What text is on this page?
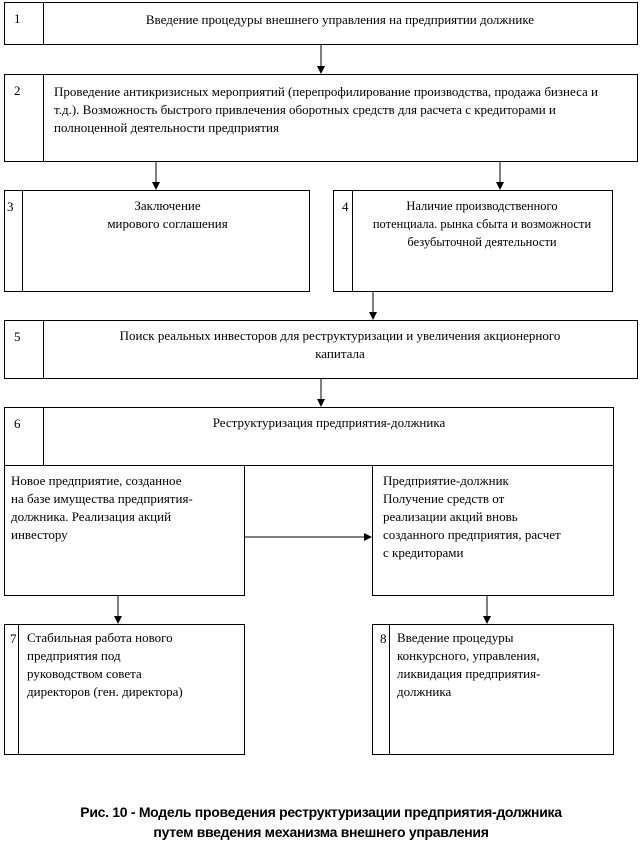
1	Введение процедуры внешнего управления на предприятии должнике
2	Проведение антикризисных мероприятий (перепрофилирование производства, продажа бизнеса и т.д.). Возможность быстрого привлечения оборотных средств для расчета с кредиторами и полноценной деятельности предприятия
3	Заключение
мирового соглашения
4	Наличие производственного
потенциала. рынка сбыта и возможности
безубыточной деятельности
5	Поиск реальных инвесторов для реструктуризации и увеличения акционерного
капитала
6	Реструктуризация предприятия-должника
Новое предприятие, созданное
на базе имущества предприятия-
должника. Реализация акций
инвестору
Предприятие-должник
Получение средств от
реализации акций вновь
созданного предприятия, расчет
с кредиторами
7 Стабильная работа нового
предприятия под
руководством совета
директоров (ген. директора)
8 Введение процедуры
конкурсного, управления,
ликвидация предприятия-
должника
Рис. 10 - Модель проведения реструктуризации предприятия-должника
путем введения механизма внешнего управления
